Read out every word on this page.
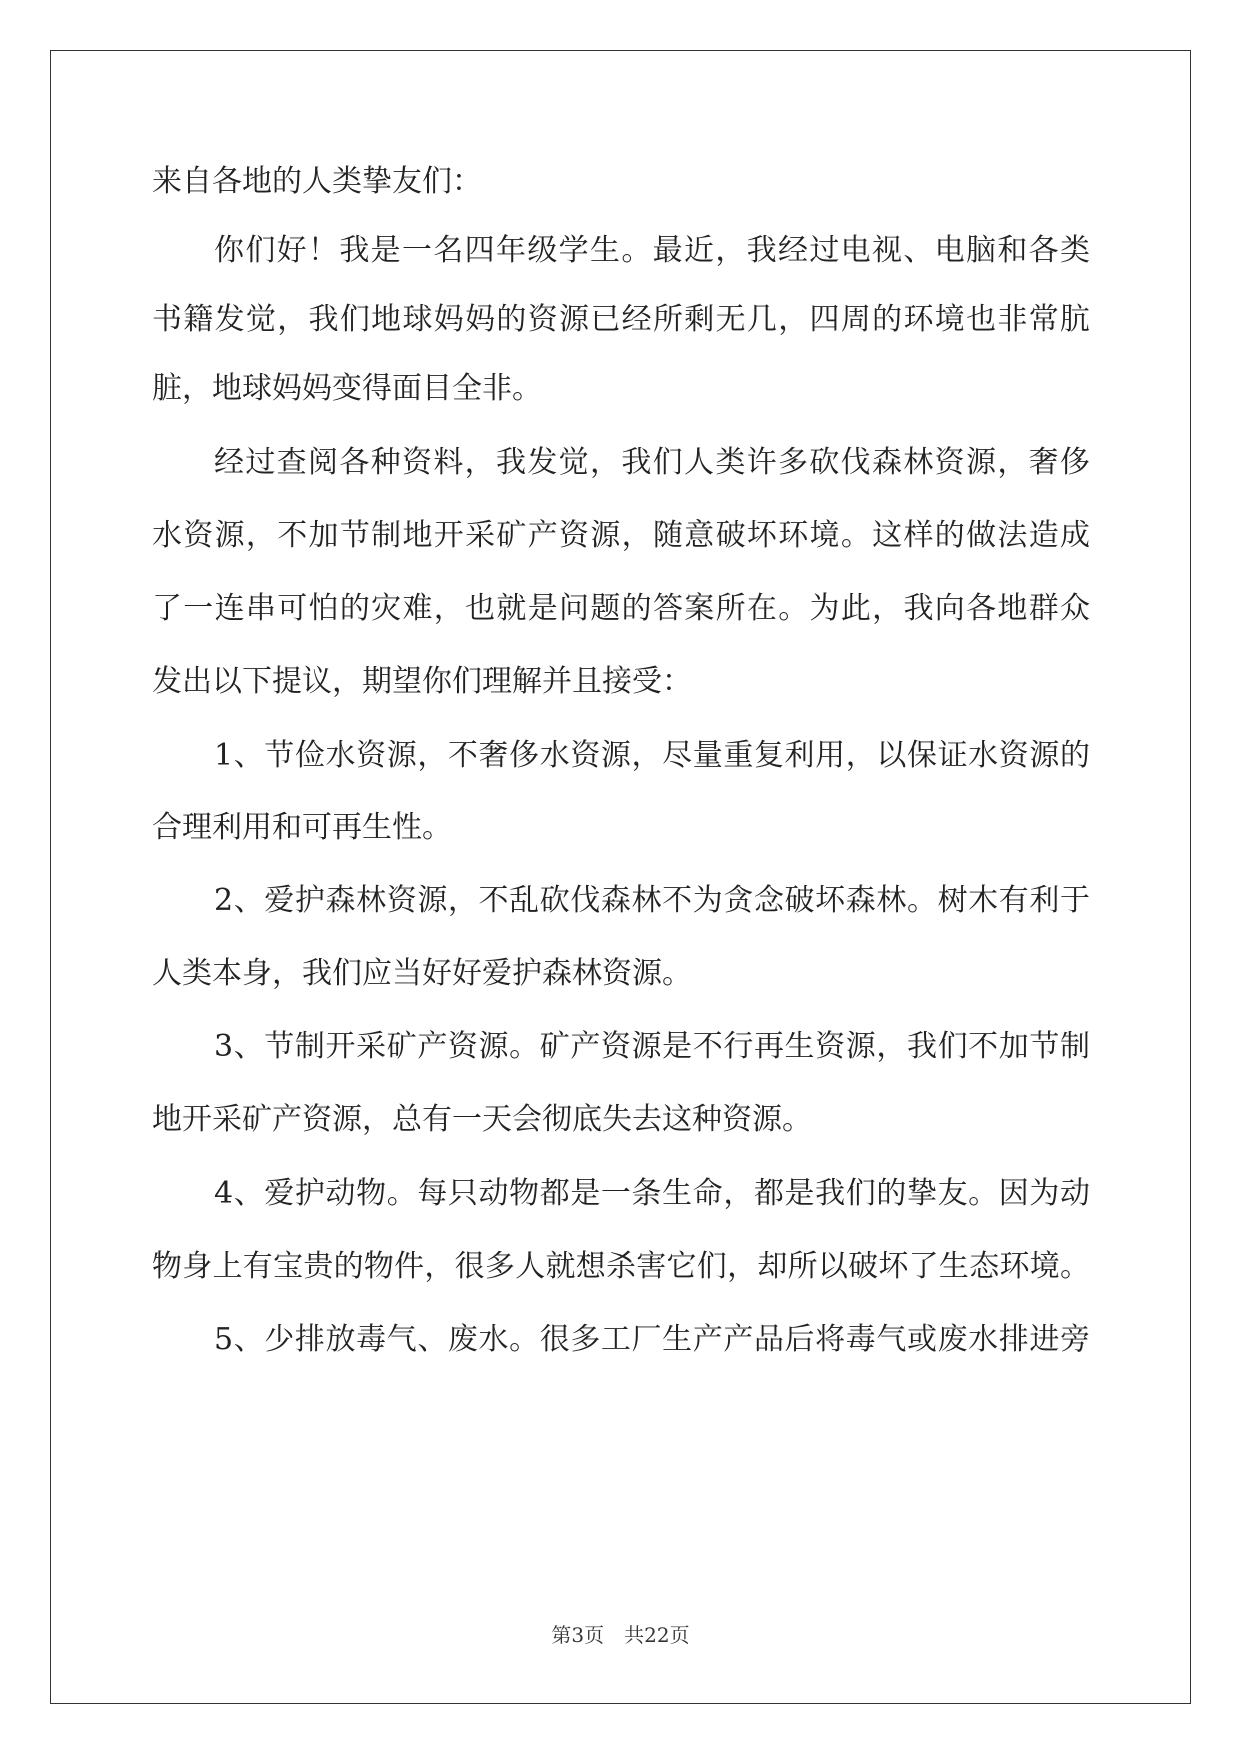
来自各地的人类挚友们：
你们好！我是一名四年级学生。最近，我经过电视、电脑和各类
书籍发觉，我们地球妈妈的资源已经所剩无几，四周的环境也非常肮
脏，地球妈妈变得面目全非。
经过查阅各种资料，我发觉，我们人类许多砍伐森林资源，奢侈
水资源，不加节制地开采矿产资源，随意破坏环境。这样的做法造成
了一连串可怕的灾难，也就是问题的答案所在。为此，我向各地群众
发出以下提议，期望你们理解并且接受：
1、节俭水资源，不奢侈水资源，尽量重复利用，以保证水资源的
合理利用和可再生性。
2、爱护森林资源，不乱砍伐森林不为贪念破坏森林。树木有利于
人类本身，我们应当好好爱护森林资源。
3、节制开采矿产资源。矿产资源是不行再生资源，我们不加节制
地开采矿产资源，总有一天会彻底失去这种资源。
4、爱护动物。每只动物都是一条生命，都是我们的挚友。因为动
物身上有宝贵的物件，很多人就想杀害它们，却所以破坏了生态环境。
5、少排放毒气、废水。很多工厂生产产品后将毒气或废水排进旁
第3页 共22页
